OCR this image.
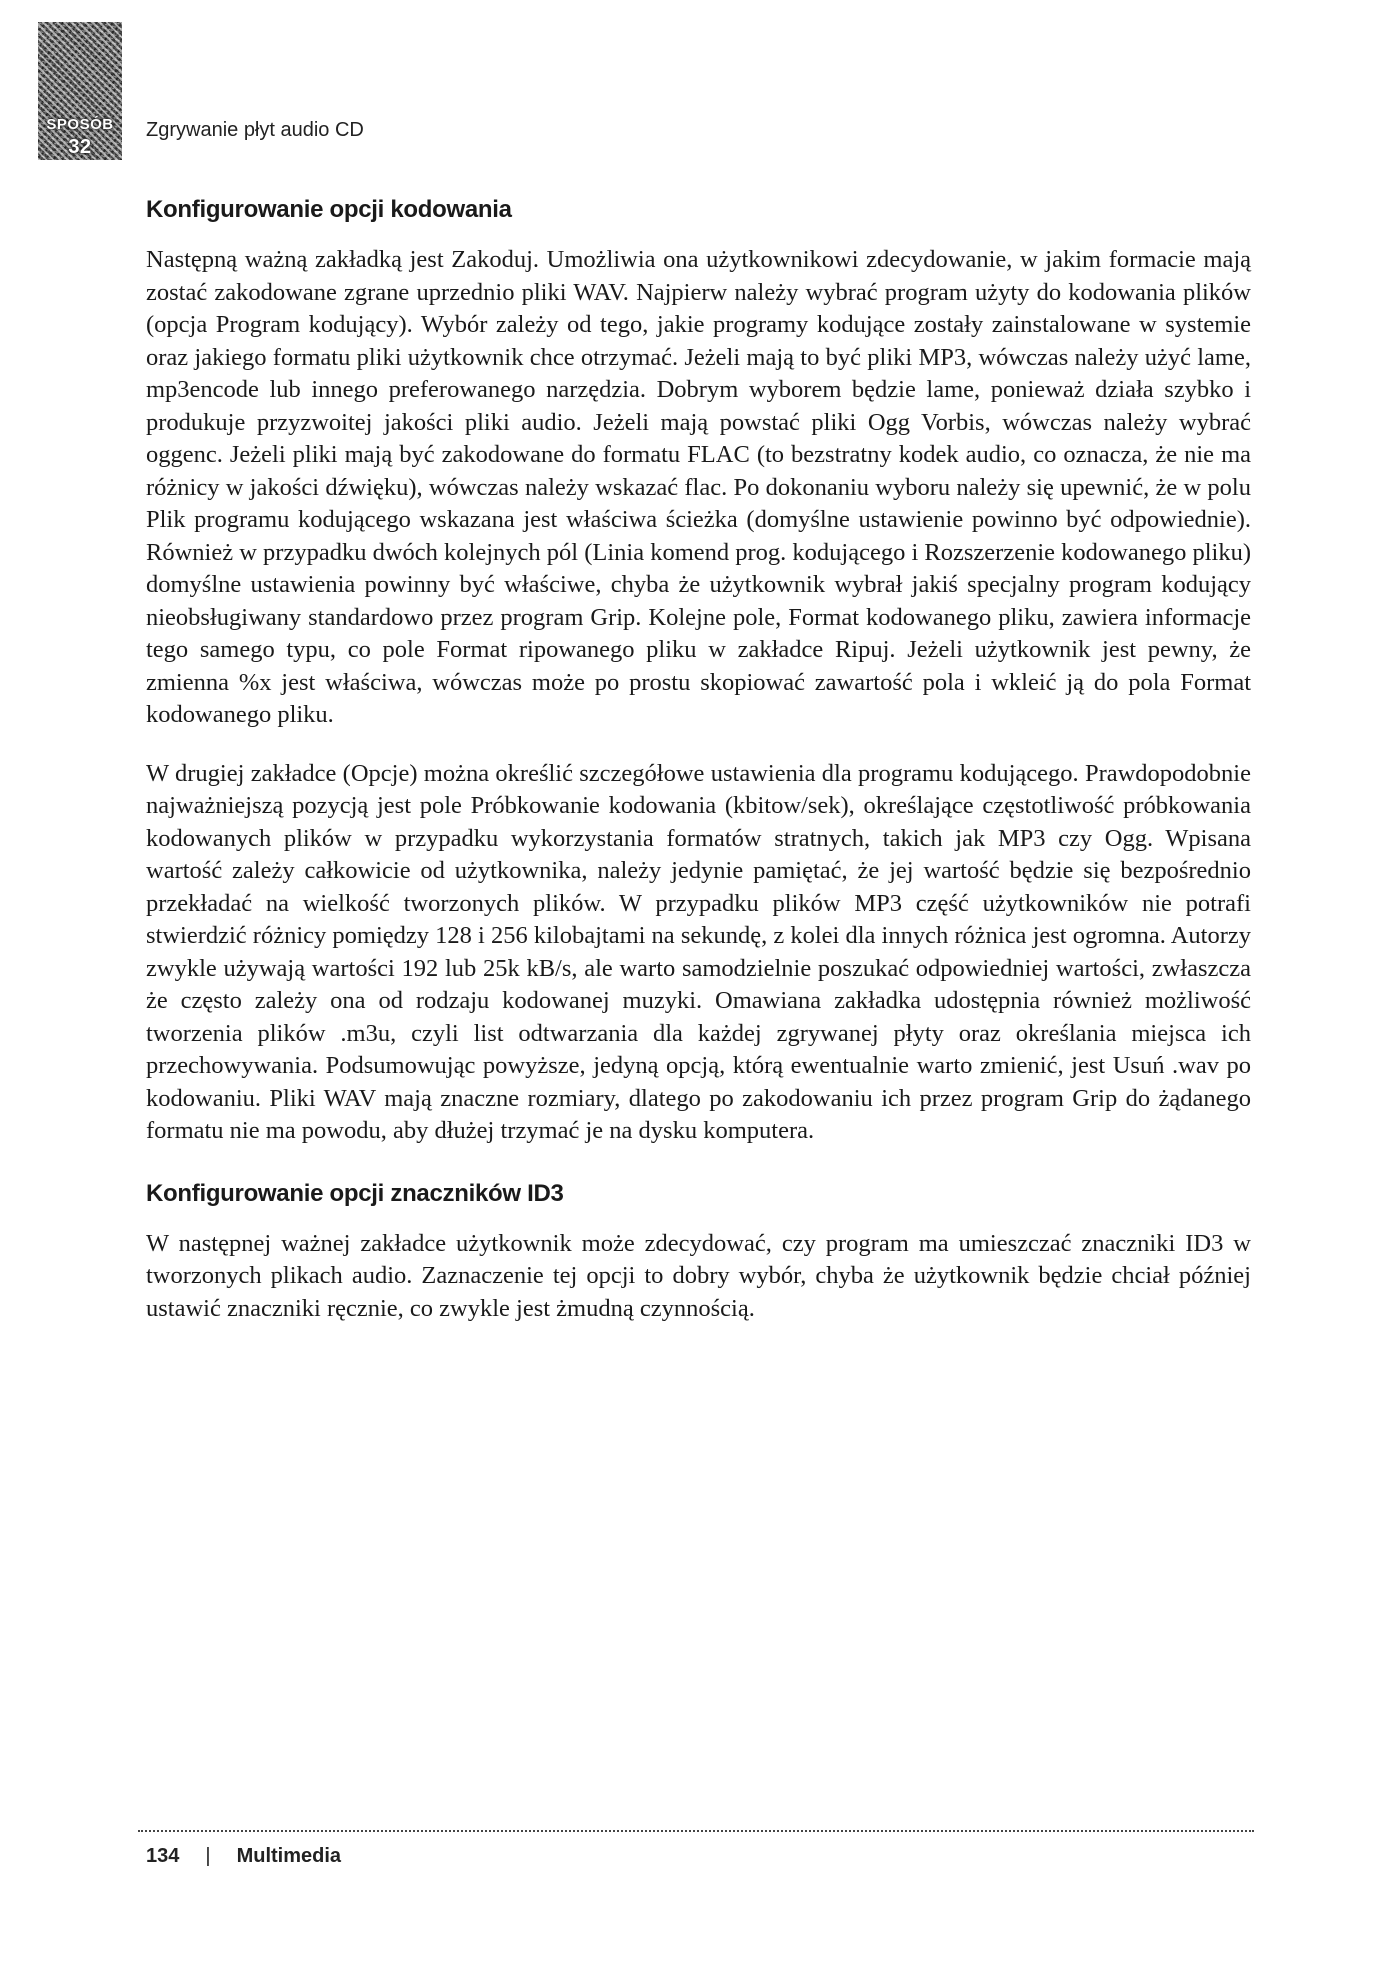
SPOSÓB
32
Zgrywanie płyt audio CD
Konfigurowanie opcji kodowania

Następną ważną zakładką jest Zakoduj. Umożliwia ona użytkownikowi zdecydowanie, w jakim formacie mają zostać zakodowane zgrane uprzednio pliki WAV. Najpierw należy wybrać program użyty do kodowania plików (opcja Program kodujący). Wybór zależy od tego, jakie programy kodujące zostały zainstalowane w systemie oraz jakiego formatu pliki użytkownik chce otrzymać. Jeżeli mają to być pliki MP3, wówczas należy użyć lame, mp3encode lub innego preferowanego narzędzia. Dobrym wyborem będzie lame, ponieważ działa szybko i produkuje przyzwoitej jakości pliki audio. Jeżeli mają powstać pliki Ogg Vorbis, wówczas należy wybrać oggenc. Jeżeli pliki mają być zakodowane do formatu FLAC (to bezstratny kodek audio, co oznacza, że nie ma różnicy w jakości dźwięku), wówczas należy wskazać flac. Po dokonaniu wyboru należy się upewnić, że w polu Plik programu kodującego wskazana jest właściwa ścieżka (domyślne ustawienie powinno być odpowiednie). Również w przypadku dwóch kolejnych pól (Linia komend prog. kodującego i Rozszerzenie kodowanego pliku) domyślne ustawienia powinny być właściwe, chyba że użytkownik wybrał jakiś specjalny program kodujący nieobsługiwany standardowo przez program Grip. Kolejne pole, Format kodowanego pliku, zawiera informacje tego samego typu, co pole Format ripowanego pliku w zakładce Ripuj. Jeżeli użytkownik jest pewny, że zmienna %x jest właściwa, wówczas może po prostu skopiować zawartość pola i wkleić ją do pola Format kodowanego pliku.

W drugiej zakładce (Opcje) można określić szczegółowe ustawienia dla programu kodującego. Prawdopodobnie najważniejszą pozycją jest pole Próbkowanie kodowania (kbitow/sek), określające częstotliwość próbkowania kodowanych plików w przypadku wykorzystania formatów stratnych, takich jak MP3 czy Ogg. Wpisana wartość zależy całkowicie od użytkownika, należy jedynie pamiętać, że jej wartość będzie się bezpośrednio przekładać na wielkość tworzonych plików. W przypadku plików MP3 część użytkowników nie potrafi stwierdzić różnicy pomiędzy 128 i 256 kilobajtami na sekundę, z kolei dla innych różnica jest ogromna. Autorzy zwykle używają wartości 192 lub 25k kB/s, ale warto samodzielnie poszukać odpowiedniej wartości, zwłaszcza że często zależy ona od rodzaju kodowanej muzyki. Omawiana zakładka udostępnia również możliwość tworzenia plików .m3u, czyli list odtwarzania dla każdej zgrywanej płyty oraz określania miejsca ich przechowywania. Podsumowując powyższe, jedyną opcją, którą ewentualnie warto zmienić, jest Usuń .wav po kodowaniu. Pliki WAV mają znaczne rozmiary, dlatego po zakodowaniu ich przez program Grip do żądanego formatu nie ma powodu, aby dłużej trzymać je na dysku komputera.

Konfigurowanie opcji znaczników ID3

W następnej ważnej zakładce użytkownik może zdecydować, czy program ma umieszczać znaczniki ID3 w tworzonych plikach audio. Zaznaczenie tej opcji to dobry wybór, chyba że użytkownik będzie chciał później ustawić znaczniki ręcznie, co zwykle jest żmudną czynnością.

134 | Multimedia
